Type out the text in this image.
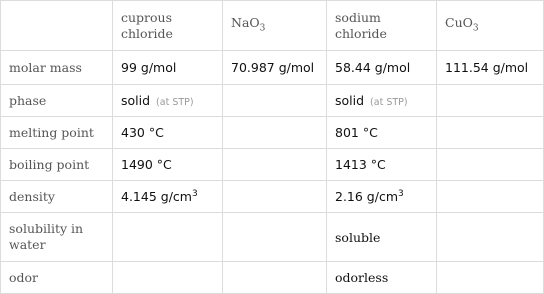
	cuprous chloride	NaO$_3$	sodium chloride	CuO$_3$
molar mass	99 g/mol	70.987 g/mol	58.44 g/mol	111.54 g/mol
phase	solid (at STP)		solid (at STP)	
melting point	430 °C		801 °C	
boiling point	1490 °C		1413 °C	
density	4.145 $g/cm^3$		2.16 $g/cm^3$	
solubility in water			soluble	
odor			odorless	
